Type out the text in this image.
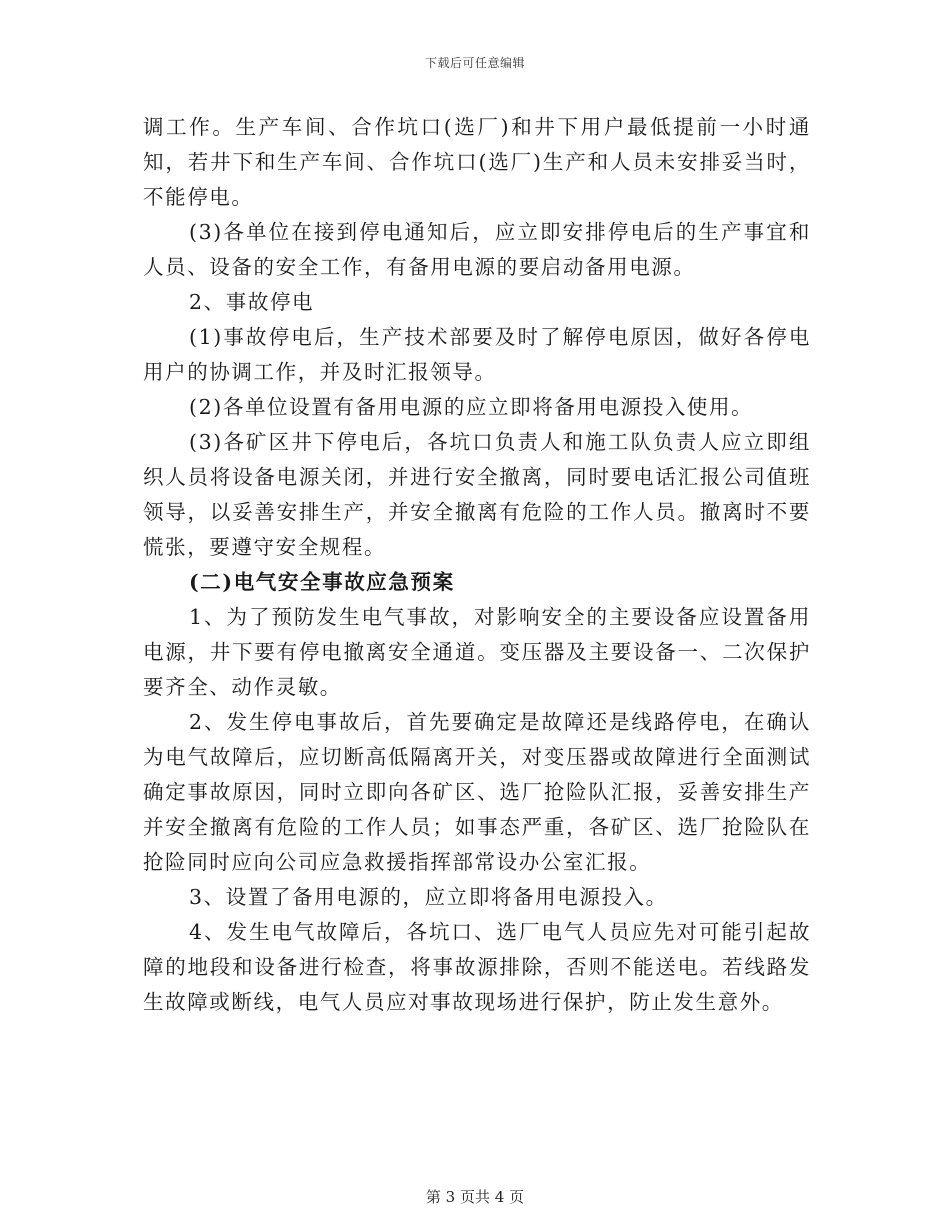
下载后可任意编辑

调工作。生产车间、合作坑口(选厂)和井下用户最低提前一小时通知，若井下和生产车间、合作坑口(选厂)生产和人员未安排妥当时，不能停电。

(3)各单位在接到停电通知后，应立即安排停电后的生产事宜和人员、设备的安全工作，有备用电源的要启动备用电源。

2、事故停电

(1)事故停电后，生产技术部要及时了解停电原因，做好各停电用户的协调工作，并及时汇报领导。

(2)各单位设置有备用电源的应立即将备用电源投入使用。

(3)各矿区井下停电后，各坑口负责人和施工队负责人应立即组织人员将设备电源关闭，并进行安全撤离，同时要电话汇报公司值班领导，以妥善安排生产，并安全撤离有危险的工作人员。撤离时不要慌张，要遵守安全规程。

(二)电气安全事故应急预案

1、为了预防发生电气事故，对影响安全的主要设备应设置备用电源，井下要有停电撤离安全通道。变压器及主要设备一、二次保护要齐全、动作灵敏。

2、发生停电事故后，首先要确定是故障还是线路停电，在确认为电气故障后，应切断高低隔离开关，对变压器或故障进行全面测试确定事故原因，同时立即向各矿区、选厂抢险队汇报，妥善安排生产并安全撤离有危险的工作人员；如事态严重，各矿区、选厂抢险队在抢险同时应向公司应急救援指挥部常设办公室汇报。

3、设置了备用电源的，应立即将备用电源投入。

4、发生电气故障后，各坑口、选厂电气人员应先对可能引起故障的地段和设备进行检查，将事故源排除，否则不能送电。若线路发生故障或断线，电气人员应对事故现场进行保护，防止发生意外。

第 3 页共 4 页
